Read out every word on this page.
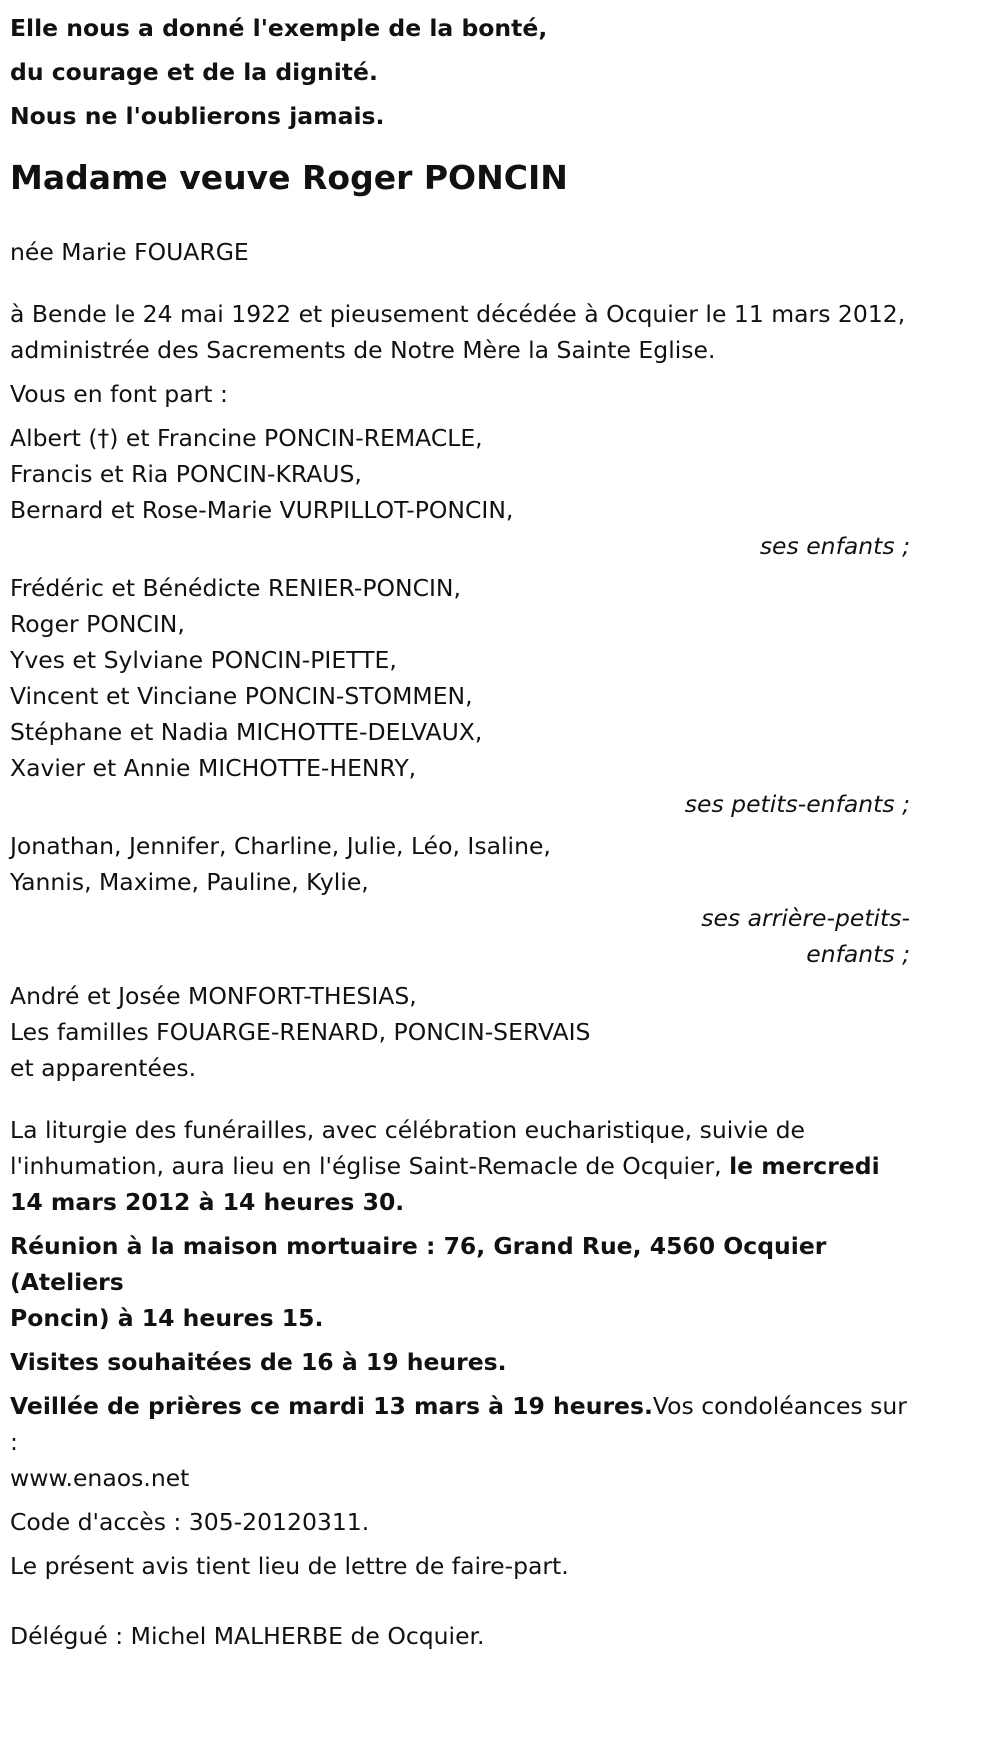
Elle nous a donné l'exemple de la bonté,
du courage et de la dignité.
Nous ne l'oublierons jamais.

Madame veuve Roger PONCIN

née Marie FOUARGE

à Bende le 24 mai 1922 et pieusement décédée à Ocquier le 11 mars 2012,
administrée des Sacrements de Notre Mère la Sainte Eglise.

Vous en font part :

Albert (†) et Francine PONCIN-REMACLE,
Francis et Ria PONCIN-KRAUS,
Bernard et Rose-Marie VURPILLOT-PONCIN,

ses enfants ;

Frédéric et Bénédicte RENIER-PONCIN,
Roger PONCIN,
Yves et Sylviane PONCIN-PIETTE,
Vincent et Vinciane PONCIN-STOMMEN,
Stéphane et Nadia MICHOTTE-DELVAUX,
Xavier et Annie MICHOTTE-HENRY,

ses petits-enfants ;

Jonathan, Jennifer, Charline, Julie, Léo, Isaline,
Yannis, Maxime, Pauline, Kylie,

ses arrière-petits-
enfants ;

André et Josée MONFORT-THESIAS,
Les familles FOUARGE-RENARD, PONCIN-SERVAIS
et apparentées.
La liturgie des funérailles, avec célébration eucharistique, suivie de
l'inhumation, aura lieu en l'église Saint-Remacle de Ocquier, le mercredi
14 mars 2012 à 14 heures 30.
Réunion à la maison mortuaire : 76, Grand Rue, 4560 Ocquier (Ateliers
Poncin) à 14 heures 15.

Visites souhaitées de 16 à 19 heures.

Veillée de prières ce mardi 13 mars à 19 heures.Vos condoléances sur :
www.enaos.net

Code d'accès : 305-20120311.

Le présent avis tient lieu de lettre de faire-part.

Délégué : Michel MALHERBE de Ocquier.
